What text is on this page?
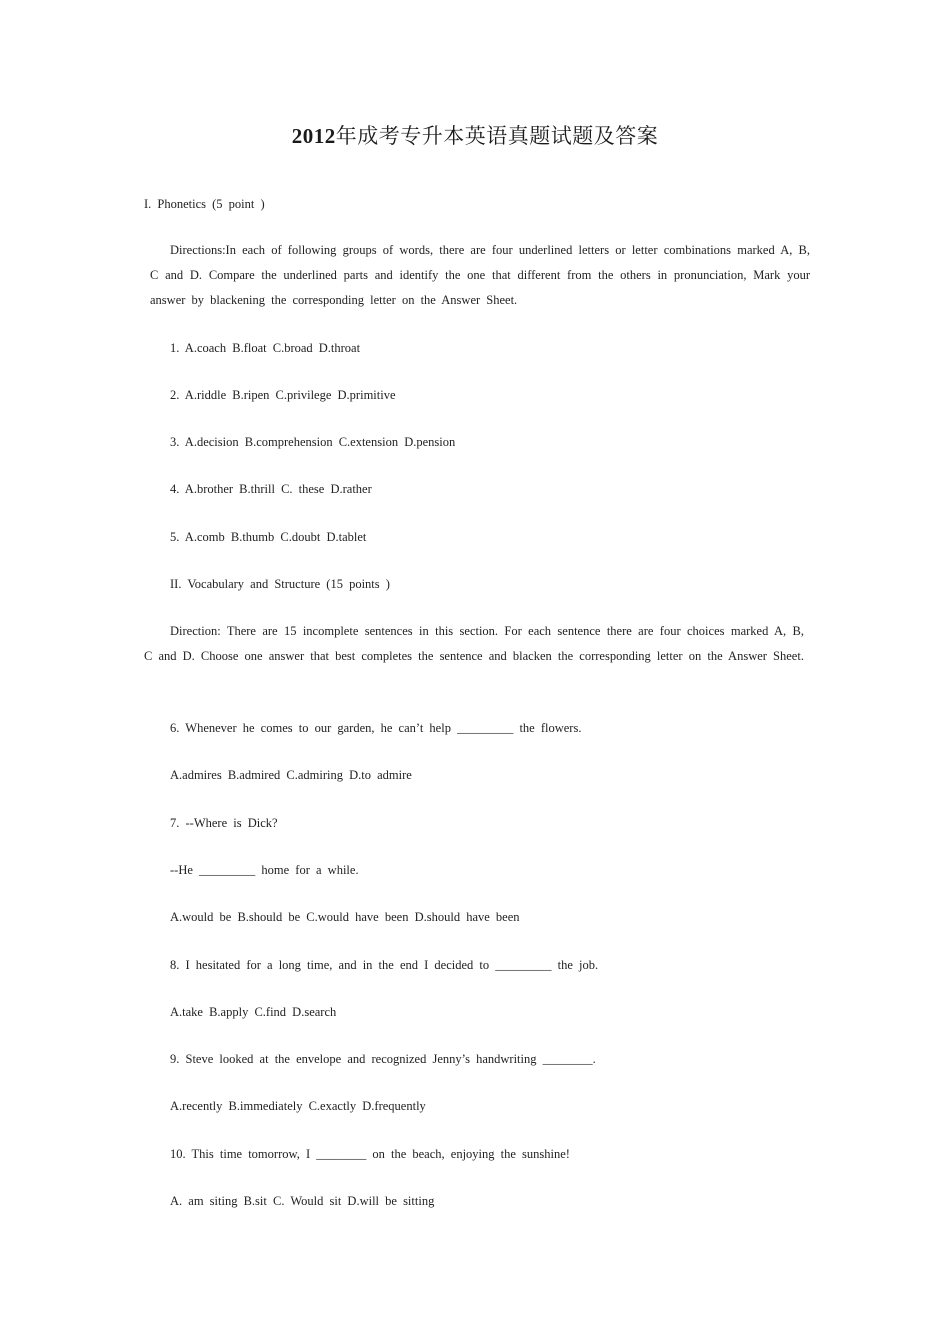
2012年成考专升本英语真题试题及答案
I. Phonetics (5 point )
Directions:In each of following groups of words, there are four underlined letters or letter combinations marked A, B, C and D. Compare the underlined parts and identify the one that different from the others in pronunciation, Mark your answer by blackening the corresponding letter on the Answer Sheet.
1. A.coach B.float C.broad D.throat
2. A.riddle B.ripen C.privilege D.primitive
3. A.decision B.comprehension C.extension D.pension
4. A.brother B.thrill C. these D.rather
5. A.comb B.thumb C.doubt D.tablet
II. Vocabulary and Structure (15 points )
Direction: There are 15 incomplete sentences in this section. For each sentence there are four choices marked A, B, C and D. Choose one answer that best completes the sentence and blacken the corresponding letter on the Answer Sheet.
6. Whenever he comes to our garden, he can’t help _________ the flowers.
A.admires B.admired C.admiring D.to admire
7. --Where is Dick?
--He _________ home for a while.
A.would be B.should be C.would have been D.should have been
8. I hesitated for a long time, and in the end I decided to _________ the job.
A.take B.apply C.find D.search
9. Steve looked at the envelope and recognized Jenny’s handwriting ________.
A.recently B.immediately C.exactly D.frequently
10. This time tomorrow, I ________ on the beach, enjoying the sunshine!
A. am siting B.sit C. Would sit D.will be sitting
